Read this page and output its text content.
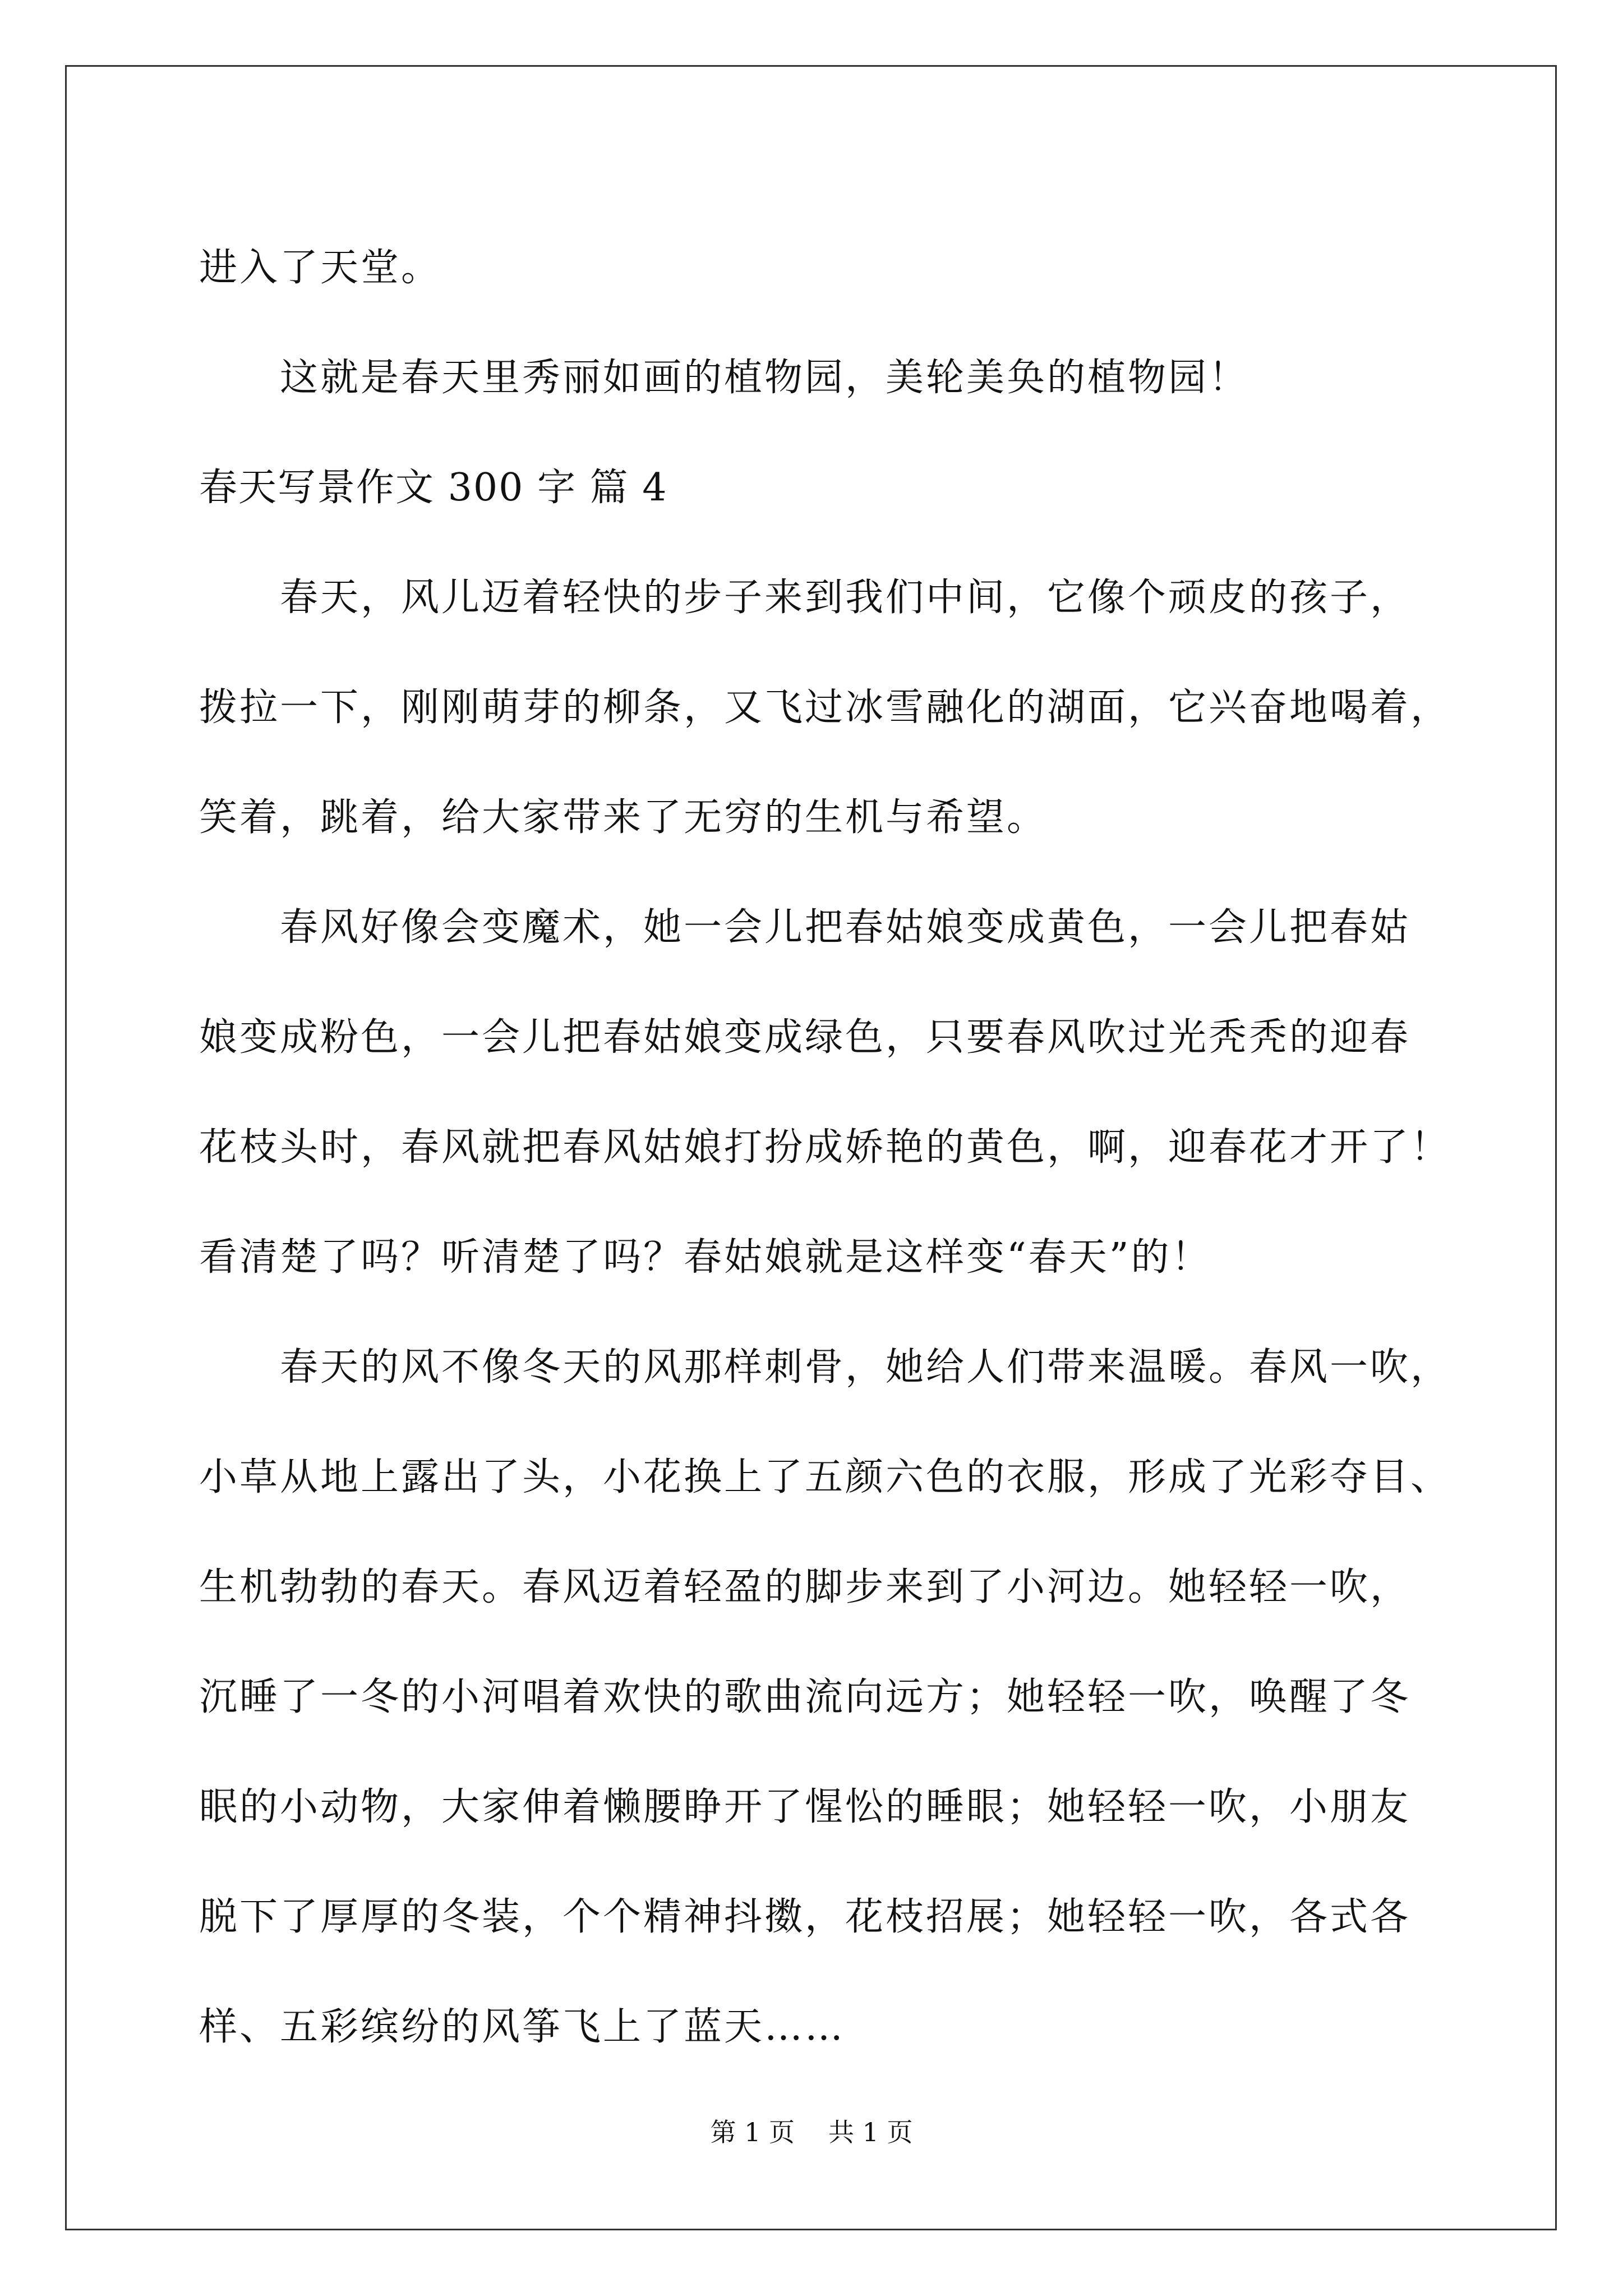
进入了天堂。
这就是春天里秀丽如画的植物园，美轮美奂的植物园！
春天写景作文 300 字 篇 4
春天，风儿迈着轻快的步子来到我们中间，它像个顽皮的孩子，
拨拉一下，刚刚萌芽的柳条，又飞过冰雪融化的湖面，它兴奋地喝着，
笑着，跳着，给大家带来了无穷的生机与希望。
春风好像会变魔术，她一会儿把春姑娘变成黄色，一会儿把春姑
娘变成粉色，一会儿把春姑娘变成绿色，只要春风吹过光秃秃的迎春
花枝头时，春风就把春风姑娘打扮成娇艳的黄色，啊，迎春花才开了！
看清楚了吗？听清楚了吗？春姑娘就是这样变“春天”的！
春天的风不像冬天的风那样刺骨，她给人们带来温暖。春风一吹，
小草从地上露出了头，小花换上了五颜六色的衣服，形成了光彩夺目、
生机勃勃的春天。春风迈着轻盈的脚步来到了小河边。她轻轻一吹，
沉睡了一冬的小河唱着欢快的歌曲流向远方；她轻轻一吹，唤醒了冬
眠的小动物，大家伸着懒腰睁开了惺忪的睡眼；她轻轻一吹，小朋友
脱下了厚厚的冬装，个个精神抖擞，花枝招展；她轻轻一吹，各式各
样、五彩缤纷的风筝飞上了蓝天……
第 1 页 共 1 页
